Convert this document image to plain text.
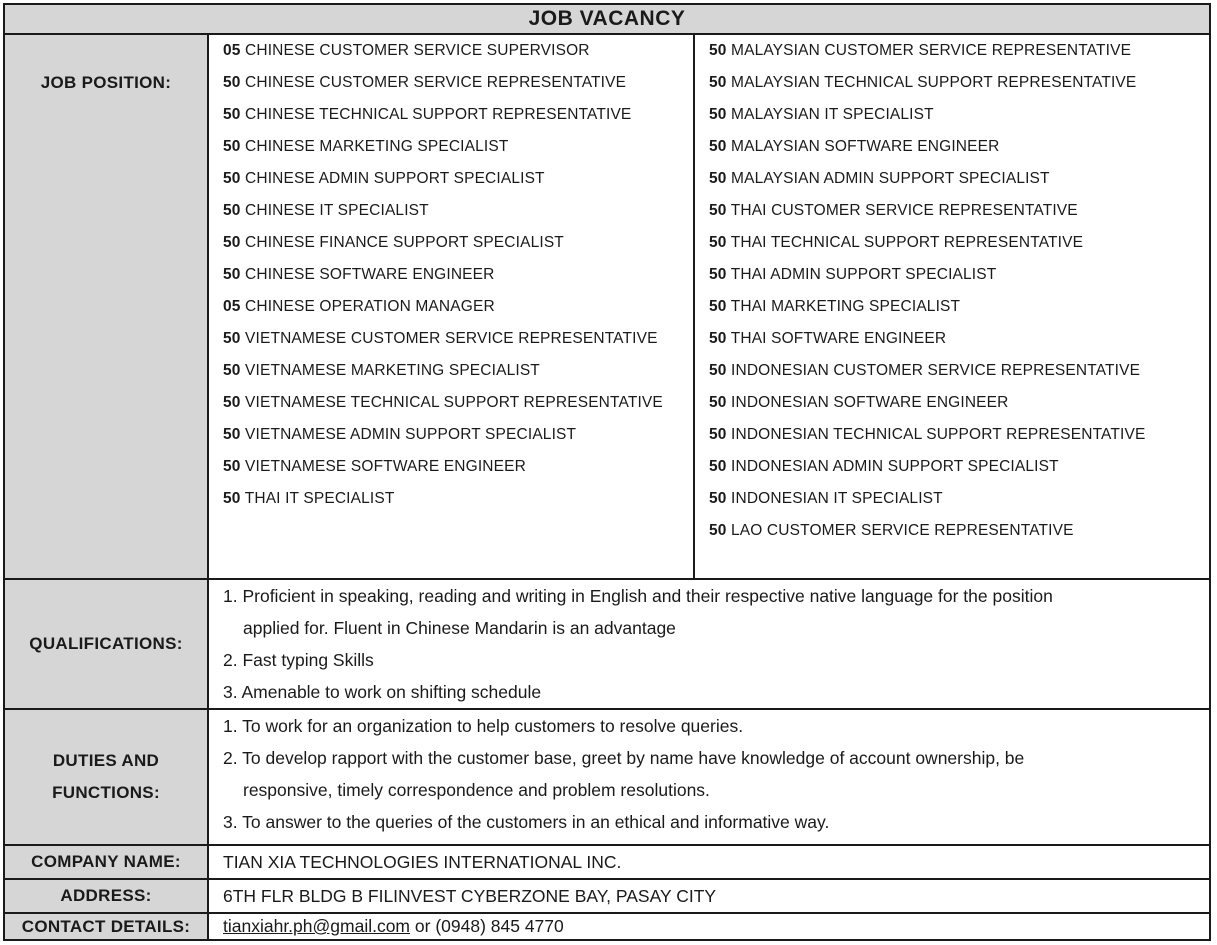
JOB VACANCY
JOB POSITION:
05 CHINESE CUSTOMER SERVICE SUPERVISOR
50 CHINESE CUSTOMER SERVICE REPRESENTATIVE
50 CHINESE TECHNICAL SUPPORT REPRESENTATIVE
50 CHINESE MARKETING SPECIALIST
50 CHINESE ADMIN SUPPORT SPECIALIST
50 CHINESE IT SPECIALIST
50 CHINESE FINANCE SUPPORT SPECIALIST
50 CHINESE SOFTWARE ENGINEER
05 CHINESE OPERATION MANAGER
50 VIETNAMESE CUSTOMER SERVICE REPRESENTATIVE
50 VIETNAMESE MARKETING SPECIALIST
50 VIETNAMESE TECHNICAL SUPPORT REPRESENTATIVE
50 VIETNAMESE ADMIN SUPPORT SPECIALIST
50 VIETNAMESE SOFTWARE ENGINEER
50 THAI IT SPECIALIST
50 MALAYSIAN CUSTOMER SERVICE REPRESENTATIVE
50 MALAYSIAN TECHNICAL SUPPORT REPRESENTATIVE
50 MALAYSIAN IT SPECIALIST
50 MALAYSIAN SOFTWARE ENGINEER
50 MALAYSIAN ADMIN SUPPORT SPECIALIST
50 THAI CUSTOMER SERVICE REPRESENTATIVE
50 THAI TECHNICAL SUPPORT REPRESENTATIVE
50 THAI ADMIN SUPPORT SPECIALIST
50 THAI MARKETING SPECIALIST
50 THAI SOFTWARE ENGINEER
50 INDONESIAN CUSTOMER SERVICE REPRESENTATIVE
50 INDONESIAN SOFTWARE ENGINEER
50 INDONESIAN TECHNICAL SUPPORT REPRESENTATIVE
50 INDONESIAN ADMIN SUPPORT SPECIALIST
50 INDONESIAN IT SPECIALIST
50 LAO CUSTOMER SERVICE REPRESENTATIVE
QUALIFICATIONS:
1. Proficient in speaking, reading and writing in English and their respective native language for the position
applied for. Fluent in Chinese Mandarin is an advantage
2. Fast typing Skills
3. Amenable to work on shifting schedule
DUTIES AND
FUNCTIONS:
1. To work for an organization to help customers to resolve queries.
2. To develop rapport with the customer base, greet by name have knowledge of account ownership, be
responsive, timely correspondence and problem resolutions.
3. To answer to the queries of the customers in an ethical and informative way.
COMPANY NAME:	TIAN XIA TECHNOLOGIES INTERNATIONAL INC.
ADDRESS:	6TH FLR BLDG B FILINVEST CYBERZONE BAY, PASAY CITY
CONTACT DETAILS:	tianxiahr.ph@gmail.com or (0948) 845 4770
